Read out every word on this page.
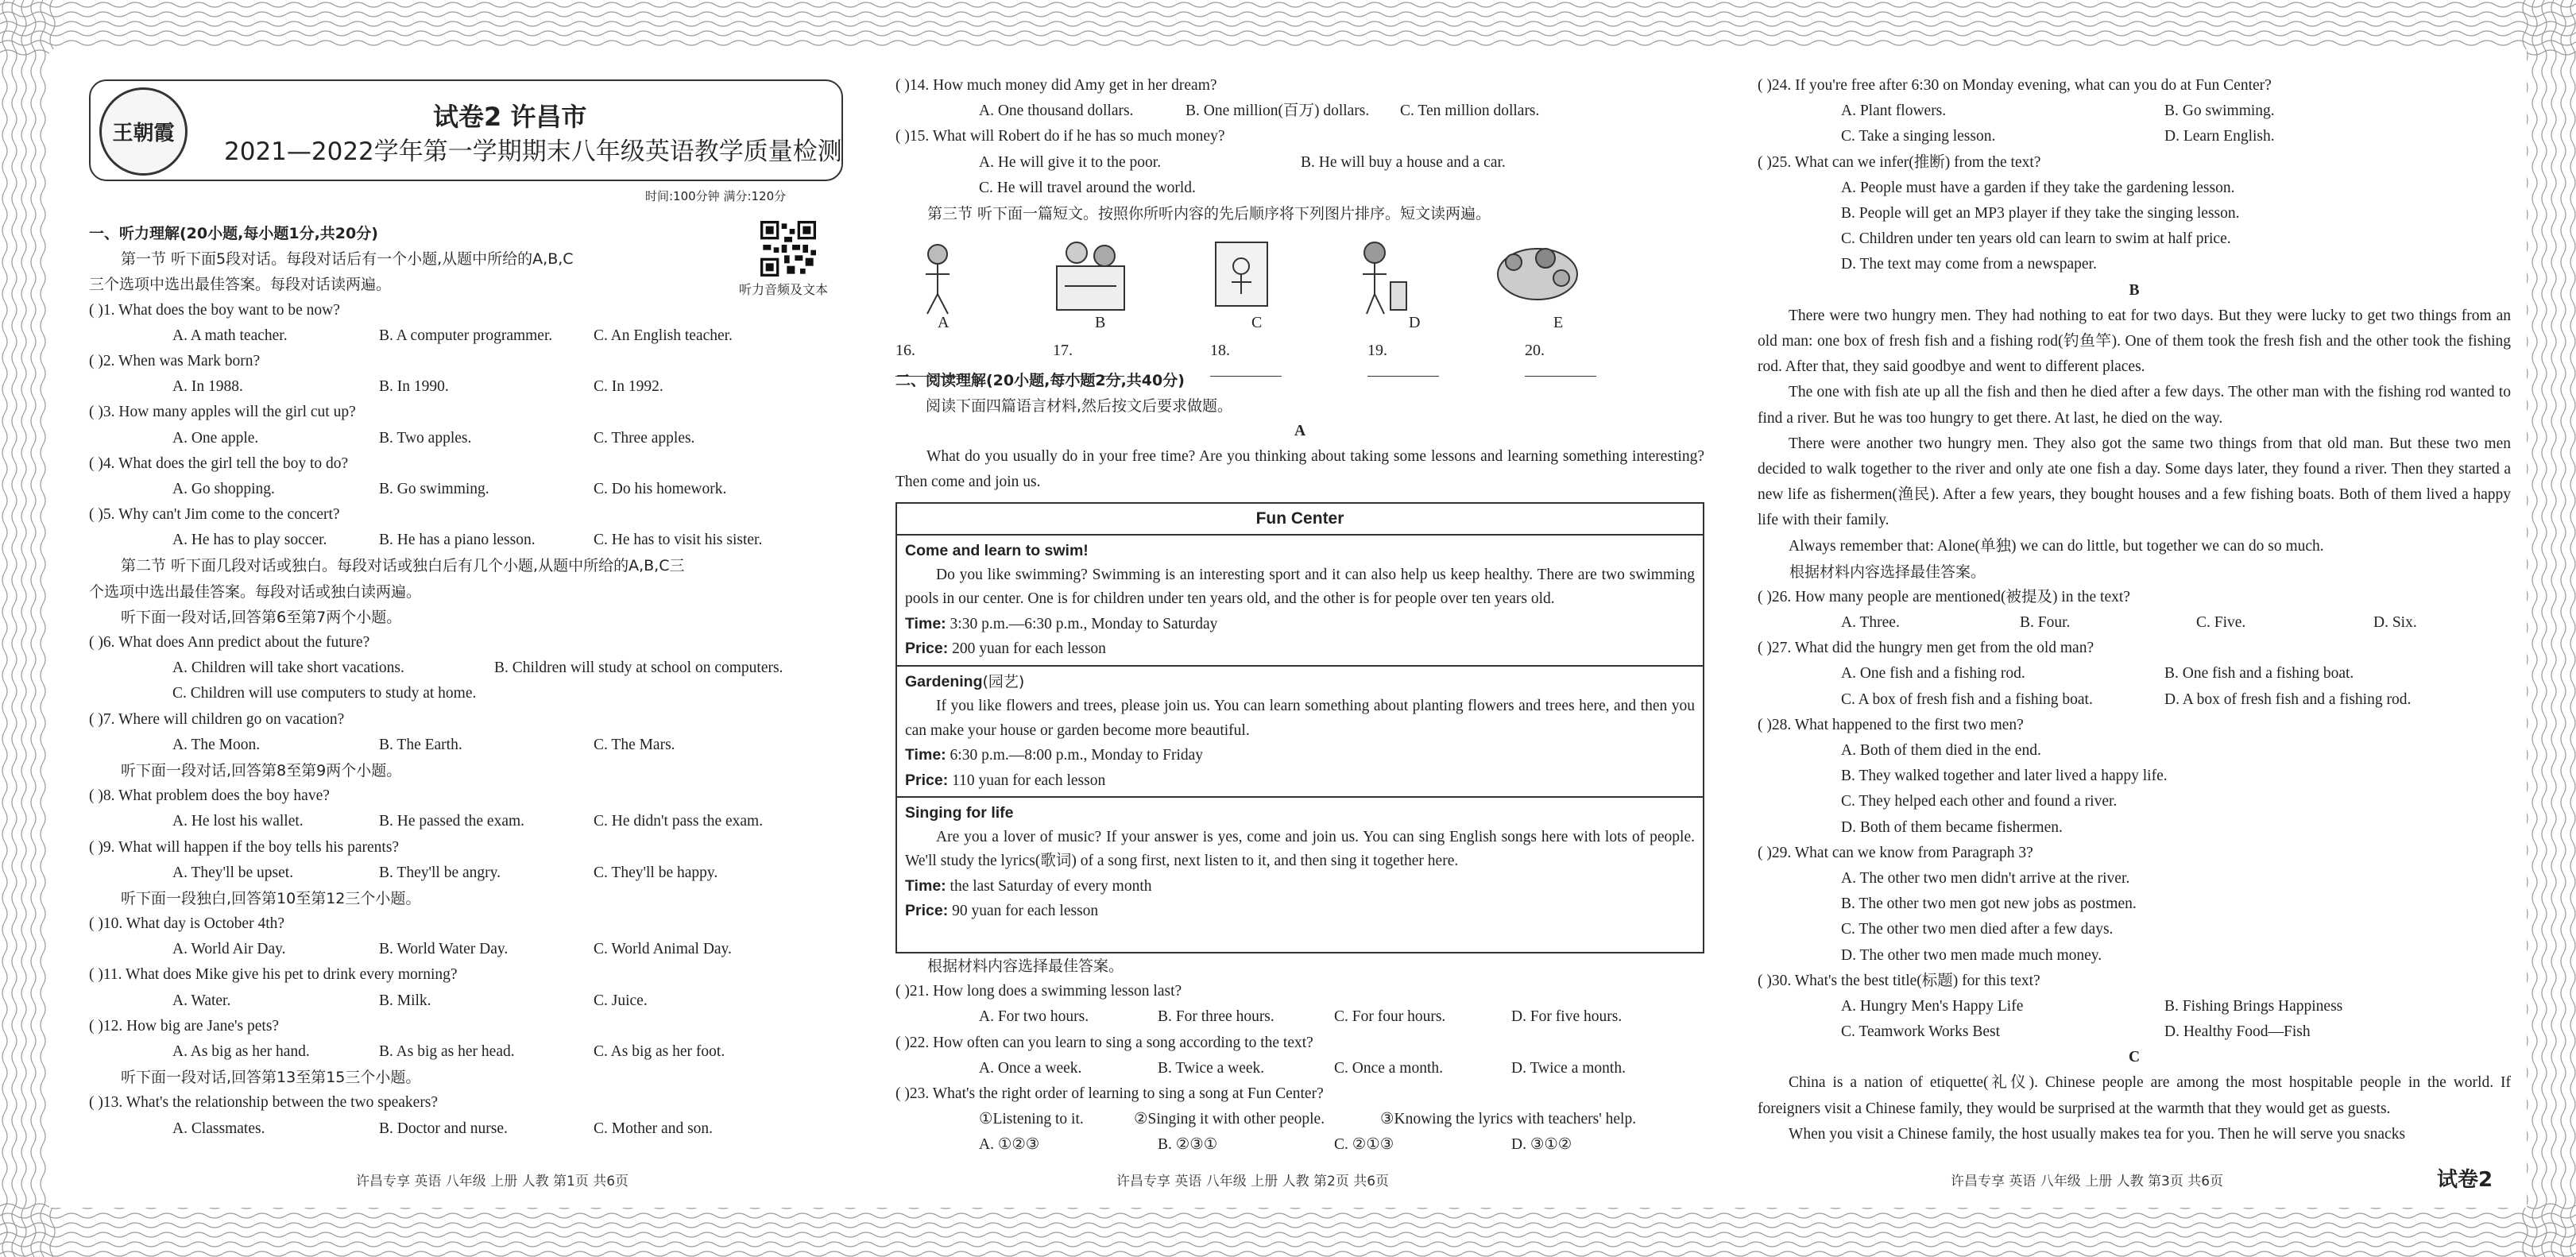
王朝霞
试卷2 许昌市
2021—2022学年第一学期期末八年级英语教学质量检测
时间:100分钟 满分:120分
听力音频及文本
一、听力理解(20小题,每小题1分,共20分)
第一节 听下面5段对话。每段对话后有一个小题,从题中所给的A,B,C
三个选项中选出最佳答案。每段对话读两遍。
( )1. What does the boy want to be now?
A. A math teacher.	B. A computer programmer.	C. An English teacher.
( )2. When was Mark born?
A. In 1988.	B. In 1990.	C. In 1992.
( )3. How many apples will the girl cut up?
A. One apple.	B. Two apples.	C. Three apples.
( )4. What does the girl tell the boy to do?
A. Go shopping.	B. Go swimming.	C. Do his homework.
( )5. Why can't Jim come to the concert?
A. He has to play soccer.	B. He has a piano lesson.	C. He has to visit his sister.
第二节 听下面几段对话或独白。每段对话或独白后有几个小题,从题中所给的A,B,C三
个选项中选出最佳答案。每段对话或独白读两遍。
听下面一段对话,回答第6至第7两个小题。
( )6. What does Ann predict about the future?
A. Children will take short vacations.	B. Children will study at school on computers.
C. Children will use computers to study at home.
( )7. Where will children go on vacation?
A. The Moon.	B. The Earth.	C. The Mars.
听下面一段对话,回答第8至第9两个小题。
( )8. What problem does the boy have?
A. He lost his wallet.	B. He passed the exam.	C. He didn't pass the exam.
( )9. What will happen if the boy tells his parents?
A. They'll be upset.	B. They'll be angry.	C. They'll be happy.
听下面一段独白,回答第10至第12三个小题。
( )10. What day is October 4th?
A. World Air Day.	B. World Water Day.	C. World Animal Day.
( )11. What does Mike give his pet to drink every morning?
A. Water.	B. Milk.	C. Juice.
( )12. How big are Jane's pets?
A. As big as her hand.	B. As big as her head.	C. As big as her foot.
听下面一段对话,回答第13至第15三个小题。
( )13. What's the relationship between the two speakers?
A. Classmates.	B. Doctor and nurse.	C. Mother and son.
( )14. How much money did Amy get in her dream?
A. One thousand dollars.	B. One million(百万) dollars. C. Ten million dollars.
( )15. What will Robert do if he has so much money?
A. He will give it to the poor.	B. He will buy a house and a car.
C. He will travel around the world.
第三节 听下面一篇短文。按照你所听内容的先后顺序将下列图片排序。短文读两遍。
A	B	C	D	E
16.	17.	18.	19.	20.
二、阅读理解(20小题,每小题2分,共40分)
阅读下面四篇语言材料,然后按文后要求做题。
A
What do you usually do in your free time? Are you thinking about taking some lessons and learning something interesting? Then come and join us.
Fun Center
Come and learn to swim!
Do you like swimming? Swimming is an interesting sport and it can also help us keep healthy. There are two swimming pools in our center. One is for children under ten years old, and the other is for people over ten years old.
Time: 3:30 p.m.—6:30 p.m., Monday to Saturday
Price: 200 yuan for each lesson
Gardening(园艺)
If you like flowers and trees, please join us. You can learn something about planting flowers and trees here, and then you can make your house or garden become more beautiful.
Time: 6:30 p.m.—8:00 p.m., Monday to Friday
Price: 110 yuan for each lesson
Singing for life
Are you a lover of music? If your answer is yes, come and join us. You can sing English songs here with lots of people. We'll study the lyrics(歌词) of a song first, next listen to it, and then sing it together here.
Time: the last Saturday of every month
Price: 90 yuan for each lesson
根据材料内容选择最佳答案。
( )21. How long does a swimming lesson last?
A. For two hours.	B. For three hours.	C. For four hours.	D. For five hours.
( )22. How often can you learn to sing a song according to the text?
A. Once a week.	B. Twice a week.	C. Once a month.	D. Twice a month.
( )23. What's the right order of learning to sing a song at Fun Center?
①Listening to it.	②Singing it with other people.	③Knowing the lyrics with teachers' help.
A. ①②③	B. ②③①	C. ②①③	D. ③①②
( )24. If you're free after 6:30 on Monday evening, what can you do at Fun Center?
A. Plant flowers.	B. Go swimming.
C. Take a singing lesson.	D. Learn English.
( )25. What can we infer(推断) from the text?
A. People must have a garden if they take the gardening lesson.
B. People will get an MP3 player if they take the singing lesson.
C. Children under ten years old can learn to swim at half price.
D. The text may come from a newspaper.
B
There were two hungry men. They had nothing to eat for two days. But they were lucky to get two things from an old man: one box of fresh fish and a fishing rod(钓鱼竿). One of them took the fresh fish and the other took the fishing rod. After that, they said goodbye and went to different places.
The one with fish ate up all the fish and then he died after a few days. The other man with the fishing rod wanted to find a river. But he was too hungry to get there. At last, he died on the way.
There were another two hungry men. They also got the same two things from that old man. But these two men decided to walk together to the river and only ate one fish a day. Some days later, they found a river. Then they started a new life as fishermen(渔民). After a few years, they bought houses and a few fishing boats. Both of them lived a happy life with their family.
Always remember that: Alone(单独) we can do little, but together we can do so much.
根据材料内容选择最佳答案。
( )26. How many people are mentioned(被提及) in the text?
A. Three.	B. Four.	C. Five.	D. Six.
( )27. What did the hungry men get from the old man?
A. One fish and a fishing rod.	B. One fish and a fishing boat.
C. A box of fresh fish and a fishing boat.	D. A box of fresh fish and a fishing rod.
( )28. What happened to the first two men?
A. Both of them died in the end.
B. They walked together and later lived a happy life.
C. They helped each other and found a river.
D. Both of them became fishermen.
( )29. What can we know from Paragraph 3?
A. The other two men didn't arrive at the river.
B. The other two men got new jobs as postmen.
C. The other two men died after a few days.
D. The other two men made much money.
( )30. What's the best title(标题) for this text?
A. Hungry Men's Happy Life	B. Fishing Brings Happiness
C. Teamwork Works Best	D. Healthy Food—Fish
C
China is a nation of etiquette(礼仪). Chinese people are among the most hospitable people in the world. If foreigners visit a Chinese family, they would be surprised at the warmth that they would get as guests.
When you visit a Chinese family, the host usually makes tea for you. Then he will serve you snacks
许昌专享 英语 八年级 上册 人教 第1页 共6页	许昌专享 英语 八年级 上册 人教 第2页 共6页	许昌专享 英语 八年级 上册 人教 第3页 共6页	试卷2
